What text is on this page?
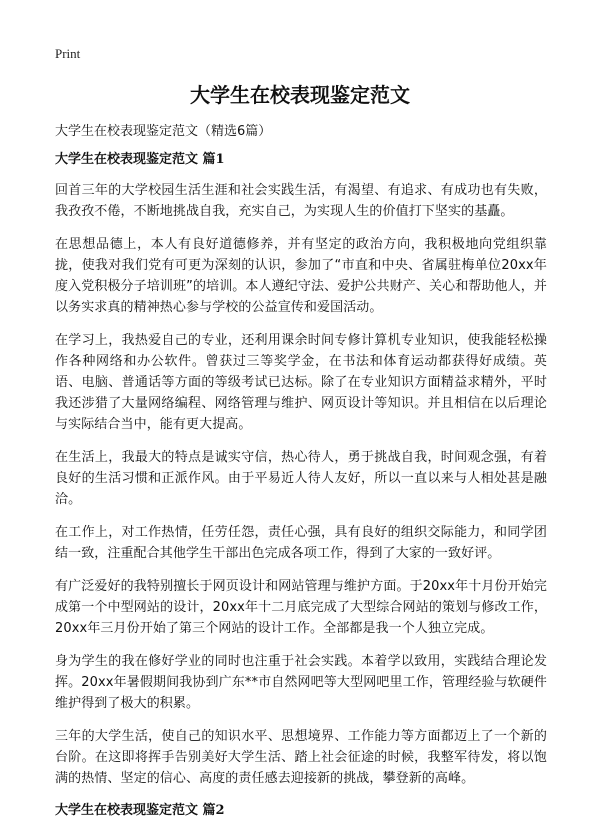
Print
大学生在校表现鉴定范文

大学生在校表现鉴定范文（精选6篇）

大学生在校表现鉴定范文 篇1

回首三年的大学校园生活生涯和社会实践生活，有渴望、有追求、有成功也有失败，我孜孜不倦，不断地挑战自我，充实自己，为实现人生的价值打下坚实的基矗。

在思想品德上，本人有良好道德修养，并有坚定的政治方向，我积极地向党组织靠拢，使我对我们党有可更为深刻的认识，参加了“市直和中央、省属驻梅单位20xx年度入党积极分子培训班”的培训。本人遵纪守法、爱护公共财产、关心和帮助他人，并以务实求真的精神热心参与学校的公益宣传和爱国活动。

在学习上，我热爱自己的专业，还利用课余时间专修计算机专业知识，使我能轻松操作各种网络和办公软件。曾获过三等奖学金，在书法和体育运动都获得好成绩。英语、电脑、普通话等方面的等级考试已达标。除了在专业知识方面精益求精外，平时我还涉猎了大量网络编程、网络管理与维护、网页设计等知识。并且相信在以后理论与实际结合当中，能有更大提高。

在生活上，我最大的特点是诚实守信，热心待人，勇于挑战自我，时间观念强，有着良好的生活习惯和正派作风。由于平易近人待人友好，所以一直以来与人相处甚是融洽。

在工作上，对工作热情，任劳任怨，责任心强，具有良好的组织交际能力，和同学团结一致，注重配合其他学生干部出色完成各项工作，得到了大家的一致好评。

有广泛爱好的我特别擅长于网页设计和网站管理与维护方面。于20xx年十月份开始完成第一个中型网站的设计，20xx年十二月底完成了大型综合网站的策划与修改工作，20xx年三月份开始了第三个网站的设计工作。全部都是我一个人独立完成。

身为学生的我在修好学业的同时也注重于社会实践。本着学以致用，实践结合理论发挥。20xx年暑假期间我协到广东**市自然网吧等大型网吧里工作，管理经验与软硬件维护得到了极大的积累。

三年的大学生活，使自己的知识水平、思想境界、工作能力等方面都迈上了一个新的台阶。在这即将挥手告别美好大学生活、踏上社会征途的时候，我整军待发，将以饱满的热情、坚定的信心、高度的责任感去迎接新的挑战，攀登新的高峰。

大学生在校表现鉴定范文 篇2
